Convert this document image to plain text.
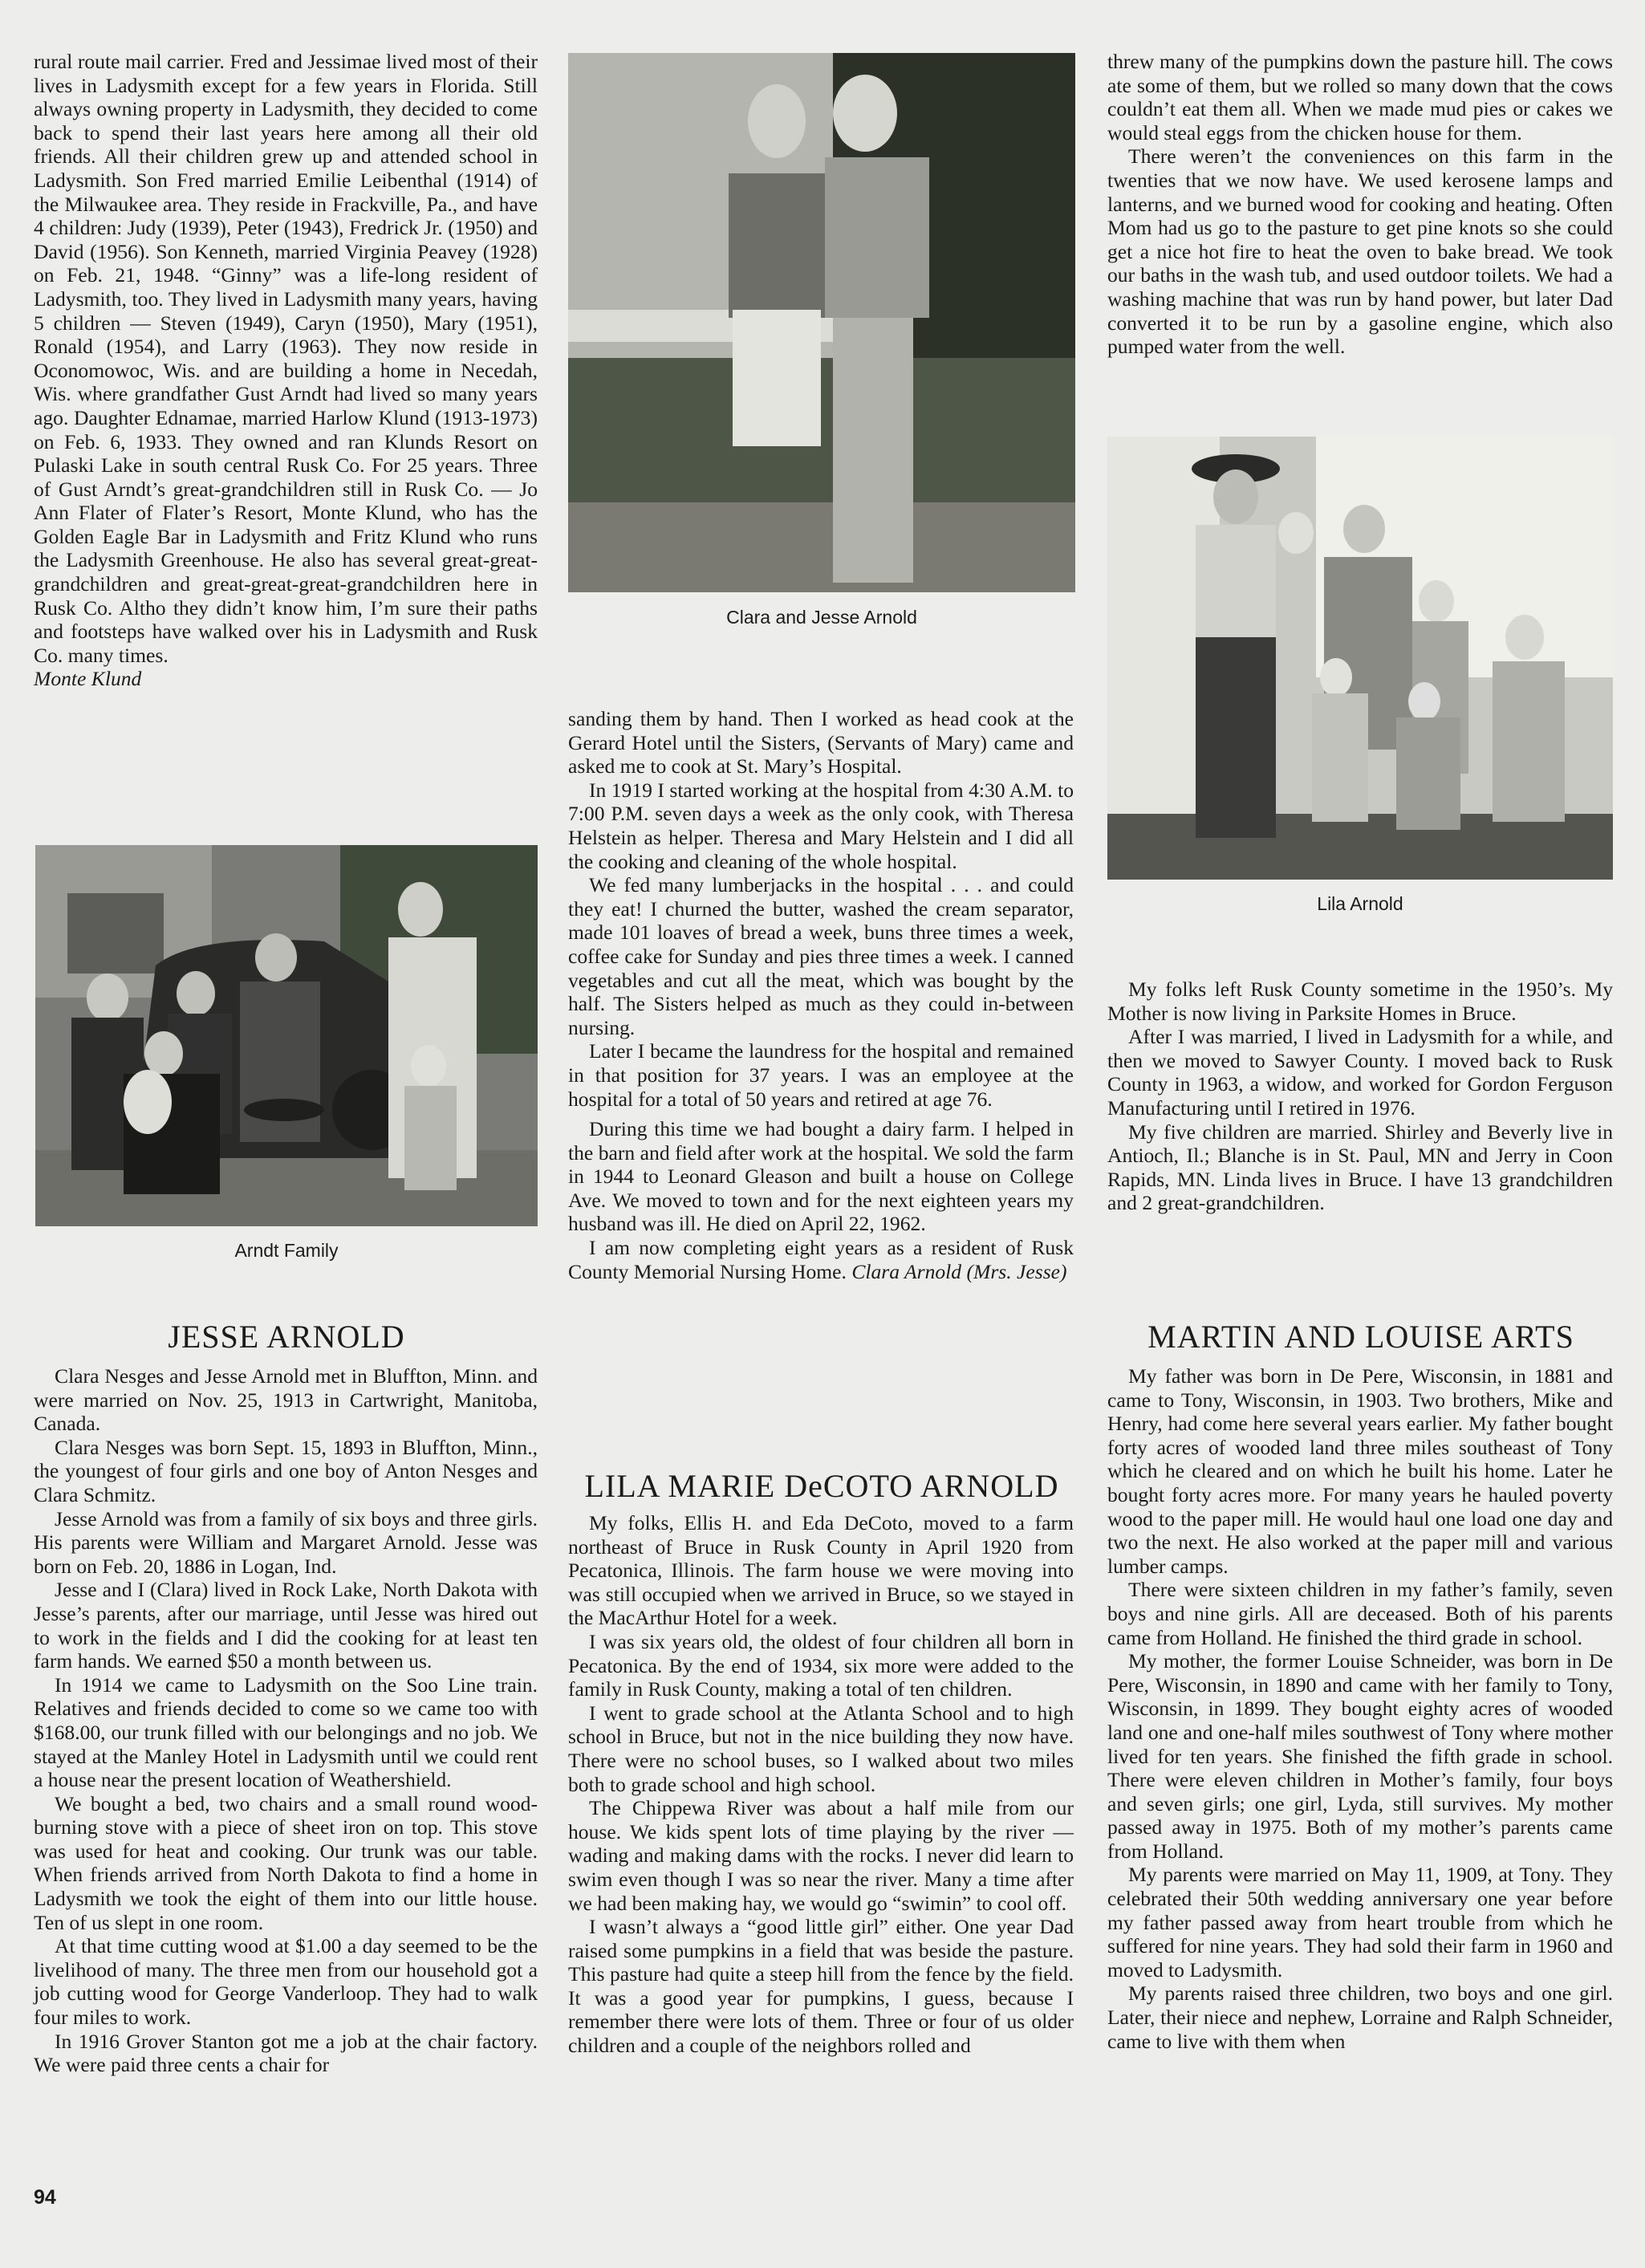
rural route mail carrier. Fred and Jessimae lived most of their lives in Ladysmith except for a few years in Florida. Still always owning property in Ladysmith, they decided to come back to spend their last years here among all their old friends. All their children grew up and attended school in Ladysmith. Son Fred married Emilie Leibenthal (1914) of the Milwaukee area. They reside in Frackville, Pa., and have 4 children: Judy (1939), Peter (1943), Fredrick Jr. (1950) and David (1956). Son Kenneth, married Virginia Peavey (1928) on Feb. 21, 1948. “Ginny” was a life-long resident of Ladysmith, too. They lived in Ladysmith many years, having 5 children — Steven (1949), Caryn (1950), Mary (1951), Ronald (1954), and Larry (1963). They now reside in Oconomowoc, Wis. and are building a home in Necedah, Wis. where grandfather Gust Arndt had lived so many years ago. Daughter Ednamae, married Harlow Klund (1913-1973) on Feb. 6, 1933. They owned and ran Klunds Resort on Pulaski Lake in south central Rusk Co. For 25 years. Three of Gust Arndt’s great-grandchildren still in Rusk Co. — Jo Ann Flater of Flater’s Resort, Monte Klund, who has the Golden Eagle Bar in Ladysmith and Fritz Klund who runs the Ladysmith Greenhouse. He also has several great-great-grandchildren and great-great-great-grandchildren here in Rusk Co. Altho they didn’t know him, I’m sure their paths and footsteps have walked over his in Ladysmith and Rusk Co. many times.

Monte Klund
Arndt Family
JESSE ARNOLD

Clara Nesges and Jesse Arnold met in Bluffton, Minn. and were married on Nov. 25, 1913 in Cartwright, Manitoba, Canada.

Clara Nesges was born Sept. 15, 1893 in Bluffton, Minn., the youngest of four girls and one boy of Anton Nesges and Clara Schmitz.

Jesse Arnold was from a family of six boys and three girls. His parents were William and Margaret Arnold. Jesse was born on Feb. 20, 1886 in Logan, Ind.

Jesse and I (Clara) lived in Rock Lake, North Dakota with Jesse’s parents, after our marriage, until Jesse was hired out to work in the fields and I did the cooking for at least ten farm hands. We earned $50 a month between us.

In 1914 we came to Ladysmith on the Soo Line train. Relatives and friends decided to come so we came too with $168.00, our trunk filled with our belongings and no job. We stayed at the Manley Hotel in Ladysmith until we could rent a house near the present location of Weathershield.

We bought a bed, two chairs and a small round wood-burning stove with a piece of sheet iron on top. This stove was used for heat and cooking. Our trunk was our table. When friends arrived from North Dakota to find a home in Ladysmith we took the eight of them into our little house. Ten of us slept in one room.

At that time cutting wood at $1.00 a day seemed to be the livelihood of many. The three men from our household got a job cutting wood for George Vanderloop. They had to walk four miles to work.

In 1916 Grover Stanton got me a job at the chair factory. We were paid three cents a chair for

Clara and Jesse Arnold

sanding them by hand. Then I worked as head cook at the Gerard Hotel until the Sisters, (Servants of Mary) came and asked me to cook at St. Mary’s Hospital.

In 1919 I started working at the hospital from 4:30 A.M. to 7:00 P.M. seven days a week as the only cook, with Theresa Helstein as helper. Theresa and Mary Helstein and I did all the cooking and cleaning of the whole hospital.

We fed many lumberjacks in the hospital . . . and could they eat! I churned the butter, washed the cream separator, made 101 loaves of bread a week, buns three times a week, coffee cake for Sunday and pies three times a week. I canned vegetables and cut all the meat, which was bought by the half. The Sisters helped as much as they could in-between nursing.

Later I became the laundress for the hospital and remained in that position for 37 years. I was an employee at the hospital for a total of 50 years and retired at age 76.

During this time we had bought a dairy farm. I helped in the barn and field after work at the hospital. We sold the farm in 1944 to Leonard Gleason and built a house on College Ave. We moved to town and for the next eighteen years my husband was ill. He died on April 22, 1962.

I am now completing eight years as a resident of Rusk County Memorial Nursing Home. Clara Arnold (Mrs. Jesse)

LILA MARIE DeCOTO ARNOLD

My folks, Ellis H. and Eda DeCoto, moved to a farm northeast of Bruce in Rusk County in April 1920 from Pecatonica, Illinois. The farm house we were moving into was still occupied when we arrived in Bruce, so we stayed in the MacArthur Hotel for a week.

I was six years old, the oldest of four children all born in Pecatonica. By the end of 1934, six more were added to the family in Rusk County, making a total of ten children.

I went to grade school at the Atlanta School and to high school in Bruce, but not in the nice building they now have. There were no school buses, so I walked about two miles both to grade school and high school.

The Chippewa River was about a half mile from our house. We kids spent lots of time playing by the river — wading and making dams with the rocks. I never did learn to swim even though I was so near the river. Many a time after we had been making hay, we would go “swimin” to cool off.

I wasn’t always a “good little girl” either. One year Dad raised some pumpkins in a field that was beside the pasture. This pasture had quite a steep hill from the fence by the field. It was a good year for pumpkins, I guess, because I remember there were lots of them. Three or four of us older children and a couple of the neighbors rolled and

threw many of the pumpkins down the pasture hill. The cows ate some of them, but we rolled so many down that the cows couldn’t eat them all. When we made mud pies or cakes we would steal eggs from the chicken house for them.

There weren’t the conveniences on this farm in the twenties that we now have. We used kerosene lamps and lanterns, and we burned wood for cooking and heating. Often Mom had us go to the pasture to get pine knots so she could get a nice hot fire to heat the oven to bake bread. We took our baths in the wash tub, and used outdoor toilets. We had a washing machine that was run by hand power, but later Dad converted it to be run by a gasoline engine, which also pumped water from the well.

Lila Arnold

My folks left Rusk County sometime in the 1950’s. My Mother is now living in Parksite Homes in Bruce.

After I was married, I lived in Ladysmith for a while, and then we moved to Sawyer County. I moved back to Rusk County in 1963, a widow, and worked for Gordon Ferguson Manufacturing until I retired in 1976.

My five children are married. Shirley and Beverly live in Antioch, Il.; Blanche is in St. Paul, MN and Jerry in Coon Rapids, MN. Linda lives in Bruce. I have 13 grandchildren and 2 great-grandchildren.

MARTIN AND LOUISE ARTS

My father was born in De Pere, Wisconsin, in 1881 and came to Tony, Wisconsin, in 1903. Two brothers, Mike and Henry, had come here several years earlier. My father bought forty acres of wooded land three miles southeast of Tony which he cleared and on which he built his home. Later he bought forty acres more. For many years he hauled poverty wood to the paper mill. He would haul one load one day and two the next. He also worked at the paper mill and various lumber camps.

There were sixteen children in my father’s family, seven boys and nine girls. All are deceased. Both of his parents came from Holland. He finished the third grade in school.

My mother, the former Louise Schneider, was born in De Pere, Wisconsin, in 1890 and came with her family to Tony, Wisconsin, in 1899. They bought eighty acres of wooded land one and one-half miles southwest of Tony where mother lived for ten years. She finished the fifth grade in school. There were eleven children in Mother’s family, four boys and seven girls; one girl, Lyda, still survives. My mother passed away in 1975. Both of my mother’s parents came from Holland.

My parents were married on May 11, 1909, at Tony. They celebrated their 50th wedding anniversary one year before my father passed away from heart trouble from which he suffered for nine years. They had sold their farm in 1960 and moved to Ladysmith.

My parents raised three children, two boys and one girl. Later, their niece and nephew, Lorraine and Ralph Schneider, came to live with them when

94
